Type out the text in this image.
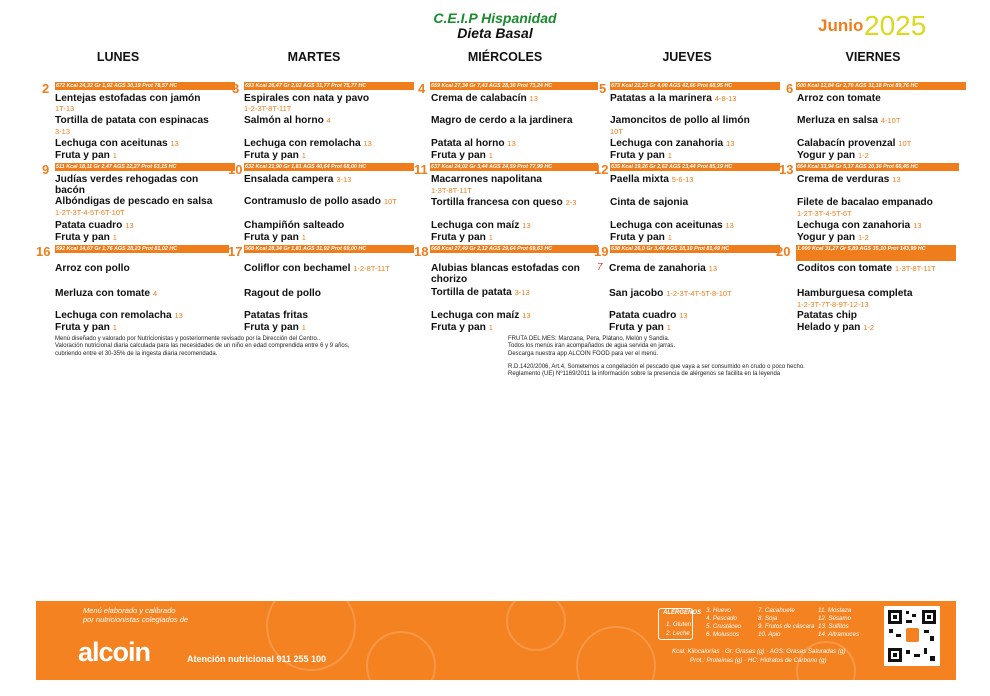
C.E.I.P Hispanidad
Dieta Basal	Junio 2025
LUNES	MARTES	MIÉRCOLES	JUEVES	VIERNES
2 672 Kcal 24,32 Gr 1,92 AGS 30,19 Prot 78,57 HC
Lentejas estofadas con jamón
1T-13
Tortilla de patata con espinacas
3-13
Lechuga con aceitunas 13
Fruta y pan 1
3 693 Kcal 26,47 Gr 2,02 AGS 31,77 Prot 75,77 HC
Espirales con nata y pavo
1-2-3T-8T-11T
Salmón al horno 4
Lechuga con remolacha 13
Fruta y pan 1
4 659 Kcal 27,34 Gr 7,43 AGS 28,36 Prot 73,24 HC
Crema de calabacín 13
Magro de cerdo a la jardinera
Patata al horno 13
Fruta y pan 1
5 673 Kcal 22,23 Gr 4,00 AGS 42,66 Prot 68,95 HC
Patatas a la marinera 4-8-13
Jamoncitos de pollo al limón
10T
Lechuga con zanahoria 13
Fruta y pan 1
6 600 Kcal 12,84 Gr 2,70 AGS 31,18 Prot 89,76 HC
Arroz con tomate
Merluza en salsa 4-10T
Calabacín provenzal 10T
Yogur y pan 1-2
9 511 Kcal 18,11 Gr 2,47 AGS 22,27 Prot 63,15 HC
Judías verdes rehogadas con bacón
Albóndigas de pescado en salsa 1-2T-3T-4-5T-6T-10T
Patata cuadro 13
Fruta y pan 1
10 632 Kcal 21,90 Gr 1,81 AGS 40,64 Prot 68,00 HC
Ensalada campera 3-13
Contramuslo de pollo asado 10T
Champiñón salteado
Fruta y pan 1
11 637 Kcal 24,02 Gr 3,44 AGS 24,59 Prot 77,99 HC
Macarrones napolitana
1-3T-8T-11T
Tortilla francesa con queso 2-3
Lechuga con maíz 13
Fruta y pan 1
12 635 Kcal 19,26 Gr 2,62 AGS 23,44 Prot 85,19 HC
Paella mixta 5-6-13
Cinta de sajonia
Lechuga con aceitunas 13
Fruta y pan 1
13 664 Kcal 33,94 Gr 5,17 AGS 20,36 Prot 66,45 HC
Crema de verduras 13
Filete de bacalao empanado
1-2T-3T-4-5T-6T
Lechuga con zanahoria 13
Yogur y pan 1-2
16 592 Kcal 14,67 Gr 1,76 AGS 28,23 Prot 81,02 HC
Arroz con pollo
Merluza con tomate 4
Lechuga con remolacha 13
Fruta y pan 1
17 568 Kcal 28,34 Gr 1,81 AGS 31,92 Prot 69,00 HC
Coliflor con bechamel 1-2-8T-11T
Ragout de pollo
Patatas fritas
Fruta y pan 1
18 668 Kcal 27,49 Gr 2,12 AGS 29,64 Prot 69,63 HC
Alubias blancas estofadas con chorizo
Tortilla de patata 3-13
Lechuga con maíz 13
Fruta y pan 1
19 638 Kcal 26,0 Gr 3,46 AGS 18,10 Prot 81,49 HC
7 Crema de zanahoria 13
San jacobo 1-2-3T-4T-5T-8-10T
Patata cuadro 13
Fruta y pan 1
20 1.000 Kcal 31,27 Gr 5,89 AGS 35,10 Prot 143,99 HC
Coditos con tomate 1-3T-8T-11T
Hamburguesa completa
1-2-3T-7T-8-9T-12-13
Patatas chip
Helado y pan 1-2
Menú diseñado y valorado por Nutricionistas y posteriormente revisado por la Dirección del Centro..
Valoración nutricional diaria calculada para las necesidades de un niño en edad comprendida entre 6 y 9 años,
cubriendo entre el 30-35% de la ingesta diaria recomendada.
FRUTA DEL MES: Manzana, Pera, Plátano, Melón y Sandía.
Todos los menús irán acompañados de agua servida en jarras.
Descarga nuestra app ALCOIN FOOD para ver el menú.
R.D.1420/2006, Art.4, Sometemos a congelación el pescado que vaya a ser consumido en crudo o poco hecho.
Reglamento (UE) Nº1169/2011 la información sobre la presencia de alérgenos se facilita en la leyenda
Menú elaborado y calibrado
por nutricionistas colegiados de
alcoin	Atención nutricional 911 255 100
ALÉRGENOS
1. Gluten
2. Leche
3. Huevo
4. Pescado
5. Crustáceo
6. Moluscos
7. Cacahuete
8. Soja
9. Frutos de cáscara
10. Apio
11. Mostaza
12. Sésamo
13. Sulfitos
14. Altramuces
Kcal: Kilocalorías · Gr: Grasas (g) · AGS: Grasas Saturadas (g)
Prot.: Proteínas (g) · HC: Hidratos de Carbono (g)
